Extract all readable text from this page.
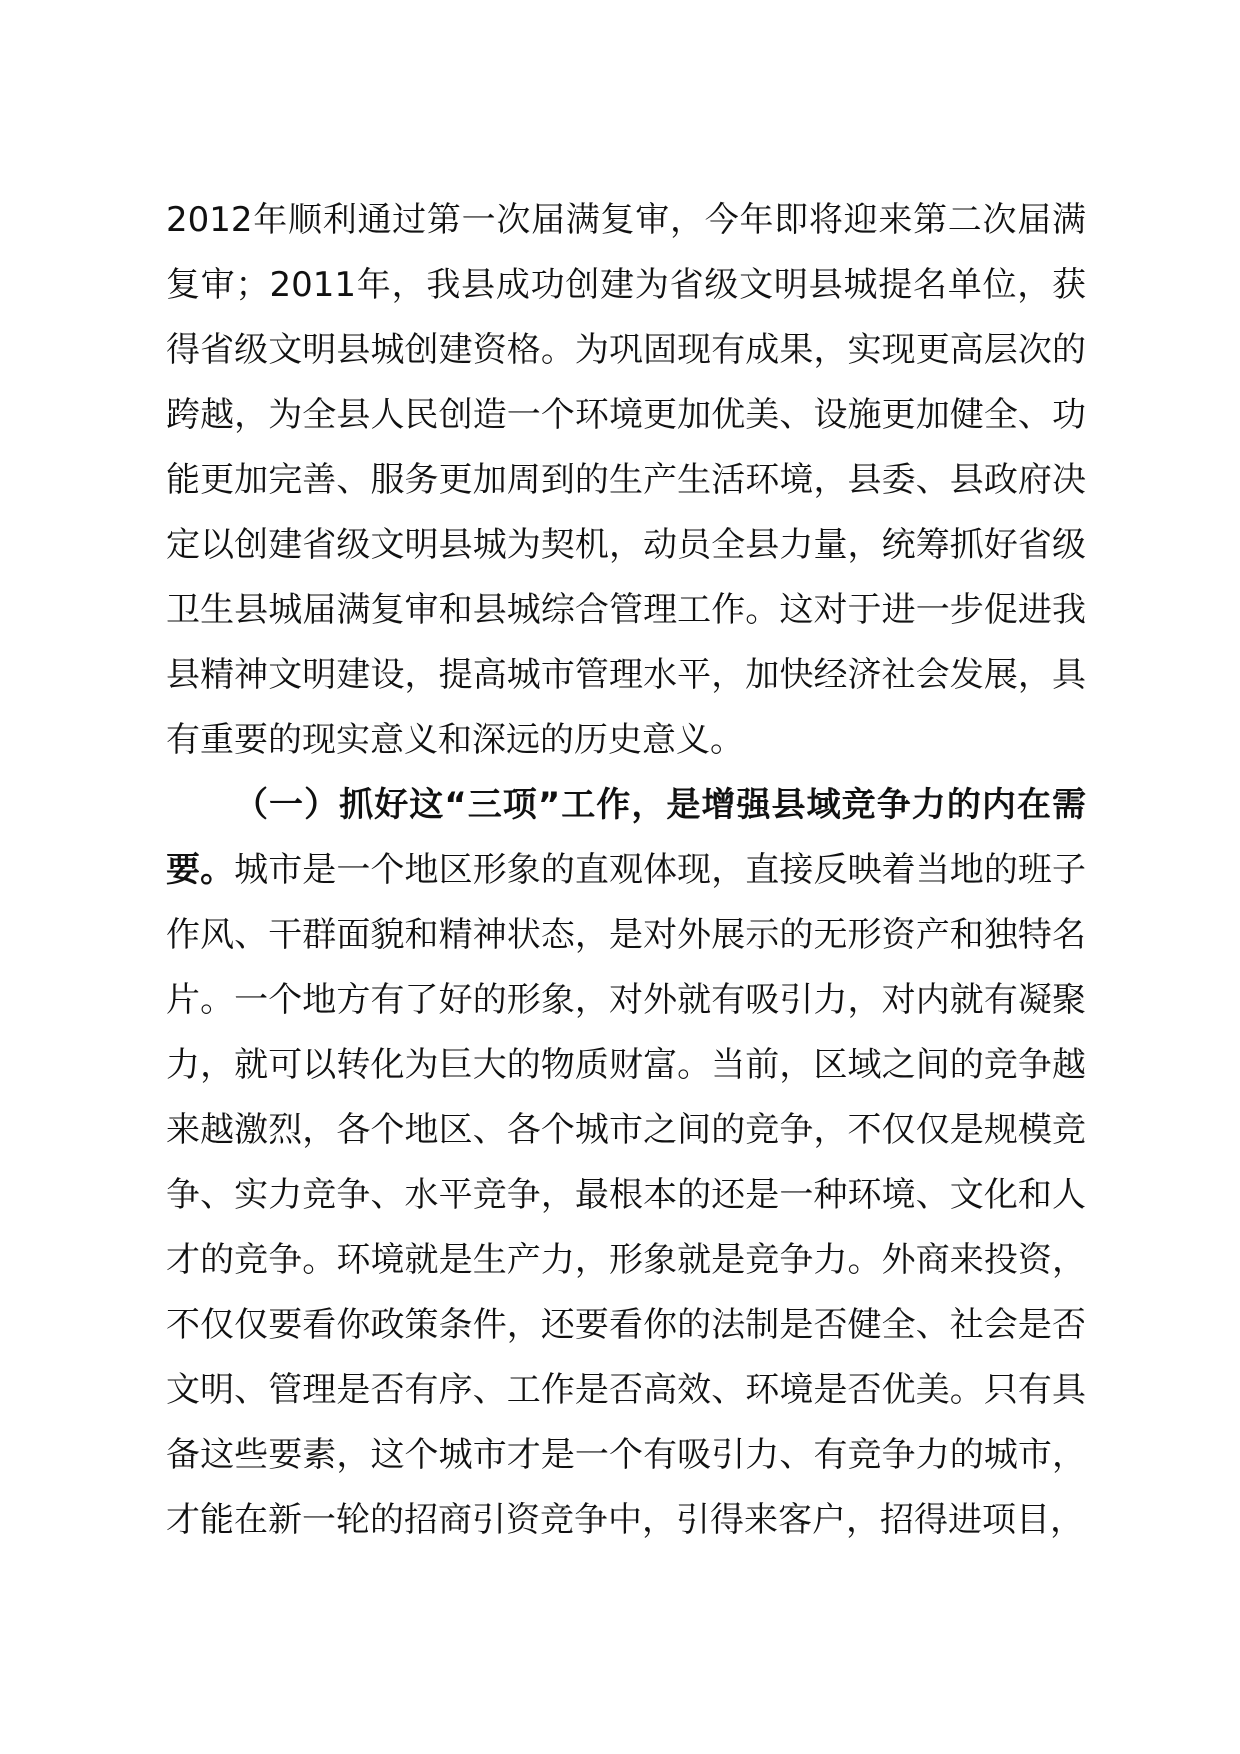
2012年顺利通过第一次届满复审，今年即将迎来第二次届满复审；2011年，我县成功创建为省级文明县城提名单位，获得省级文明县城创建资格。为巩固现有成果，实现更高层次的跨越，为全县人民创造一个环境更加优美、设施更加健全、功能更加完善、服务更加周到的生产生活环境，县委、县政府决定以创建省级文明县城为契机，动员全县力量，统筹抓好省级卫生县城届满复审和县城综合管理工作。这对于进一步促进我县精神文明建设，提高城市管理水平，加快经济社会发展，具有重要的现实意义和深远的历史意义。

（一）抓好这“三项”工作，是增强县域竞争力的内在需要。城市是一个地区形象的直观体现，直接反映着当地的班子作风、干群面貌和精神状态，是对外展示的无形资产和独特名片。一个地方有了好的形象，对外就有吸引力，对内就有凝聚力，就可以转化为巨大的物质财富。当前，区域之间的竞争越来越激烈，各个地区、各个城市之间的竞争，不仅仅是规模竞争、实力竞争、水平竞争，最根本的还是一种环境、文化和人才的竞争。环境就是生产力，形象就是竞争力。外商来投资，不仅仅要看你政策条件，还要看你的法制是否健全、社会是否文明、管理是否有序、工作是否高效、环境是否优美。只有具备这些要素，这个城市才是一个有吸引力、有竞争力的城市，才能在新一轮的招商引资竞争中，引得来客户，招得进项目，
